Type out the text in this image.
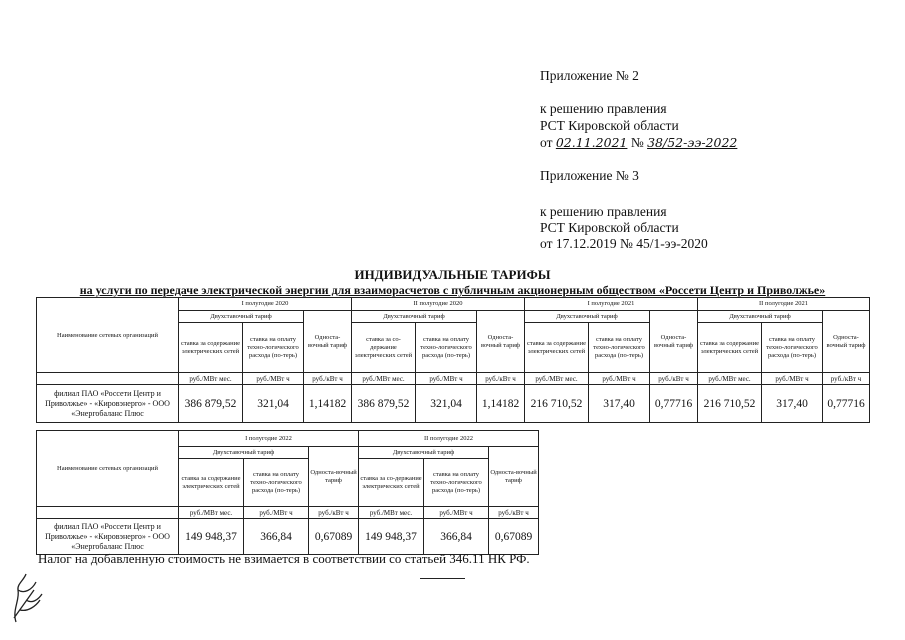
Приложение № 2
к решению правления
РСТ Кировской области
от 02.11.2021 № 38/52-ээ-2022
Приложение № 3
к решению правления
РСТ Кировской области
от 17.12.2019 № 45/1-ээ-2020
ИНДИВИДУАЛЬНЫЕ ТАРИФЫ
на услуги по передаче электрической энергии для взаиморасчетов с публичным акционерным обществом «Россети Центр и Приволжье»
Наименование сетевых организаций	I полугодие 2020			II полугодие 2020			I полугодие 2021			II полугодие 2021		
	Двухставочный тариф		Односта-вочный тариф	Двухставочный тариф		Односта-вочный тариф	Двухставочный тариф		Односта-вочный тариф	Двухставочный тариф		Односта-вочный тариф
	ставка за содержание электрических сетей	ставка на оплату техно-логического расхода (по-терь)		ставка за со-держание электрических сетей	ставка на оплату техно-логического расхода (по-терь)		ставка за содержание электрических сетей	ставка на оплату техно-логического расхода (по-терь)		ставка за содержание электрических сетей	ставка на оплату техно-логического расхода (по-терь)	
	руб./МВт мес.	руб./МВт ч	руб./кВт ч	руб./МВт мес.	руб./МВт ч	руб./кВт ч	руб./МВт мес.	руб./МВт ч	руб./кВт ч	руб./МВт мес.	руб./МВт ч	руб./кВт ч
филиал ПАО «Россети Центр и Приволжье» - «Кировэнерго» - ООО «Энергобаланс Плюс	386 879,52	321,04	1,14182	386 879,52	321,04	1,14182	216 710,52	317,40	0,77716	216 710,52	317,40	0,77716
Наименование сетевых организаций	I полугодие 2022			II полугодие 2022		
	Двухставочный тариф		Односта-вочный тариф	Двухставочный тариф		Односта-вочный тариф
	ставка за содержание электрических сетей	ставка на оплату техно-логического расхода (по-терь)		ставка за со-держание электрических сетей	ставка на оплату техно-логического расхода (по-терь)	
	руб./МВт мес.	руб./МВт ч	руб./кВт ч	руб./МВт мес.	руб./МВт ч	руб./кВт ч
филиал ПАО «Россети Центр и Приволжье» - «Кировэнерго» - ООО «Энергобаланс Плюс	149 948,37	366,84	0,67089	149 948,37	366,84	0,67089
Налог на добавленную стоимость не взимается в соответствии со статьей 346.11 НК РФ.
